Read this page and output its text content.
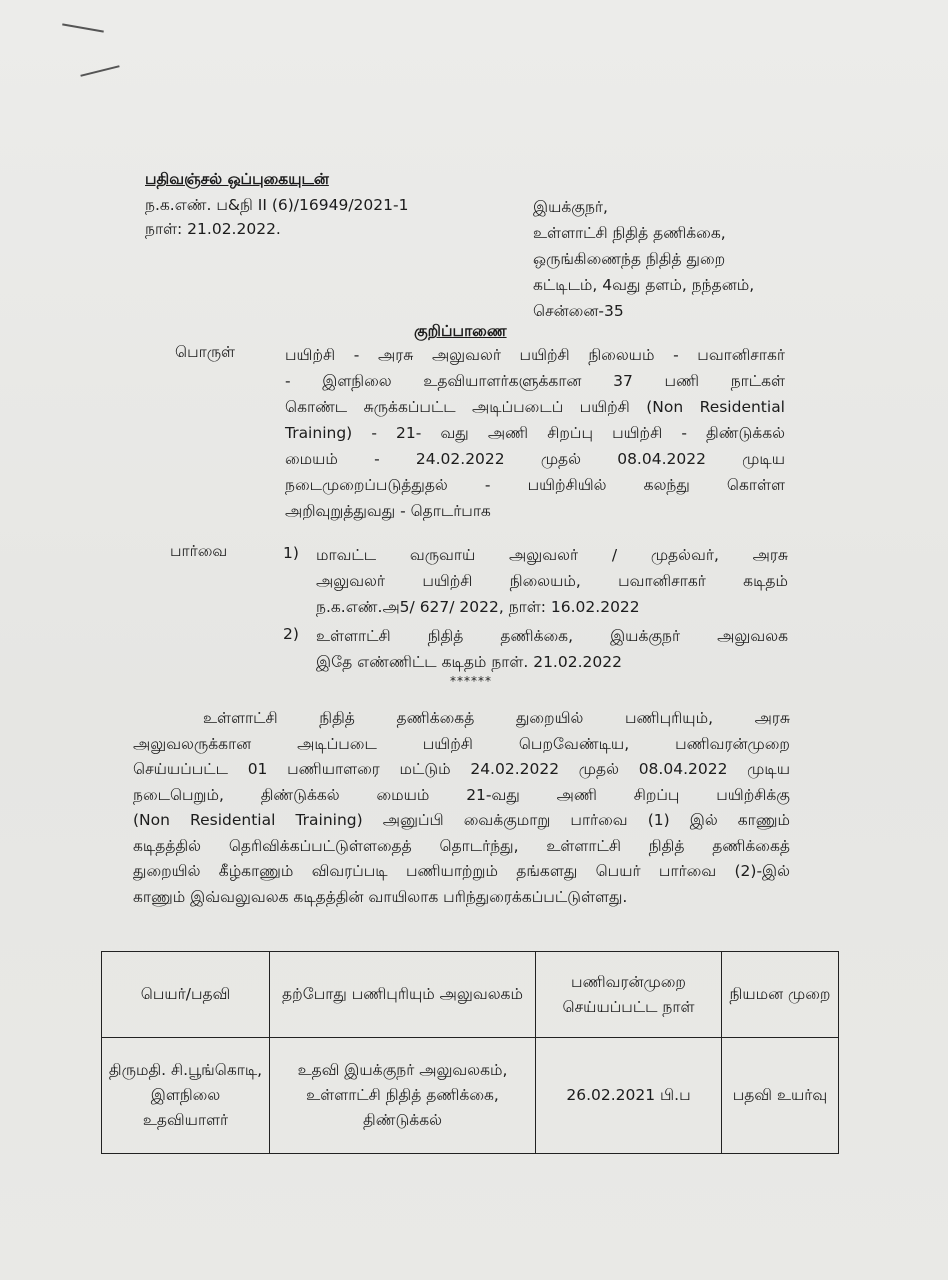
பதிவஞ்சல் ஒப்புகையுடன்
ந.க.எண். ப&நி II (6)/16949/2021-1
நாள்: 21.02.2022.
இயக்குநர்,
உள்ளாட்சி நிதித் தணிக்கை,
ஒருங்கிணைந்த நிதித் துறை
கட்டிடம், 4வது தளம், நந்தனம்,
சென்னை-35
குறிப்பாணை
பொருள்	பயிற்சி - அரசு அலுவலர் பயிற்சி நிலையம் - பவானிசாகர்
- இளநிலை உதவியாளர்களுக்கான 37 பணி நாட்கள்
கொண்ட சுருக்கப்பட்ட அடிப்படைப் பயிற்சி (Non Residential
Training) - 21- வது அணி சிறப்பு பயிற்சி - திண்டுக்கல்
மையம் - 24.02.2022 முதல் 08.04.2022 முடிய
நடைமுறைப்படுத்துதல் - பயிற்சியில் கலந்து கொள்ள
அறிவுறுத்துவது - தொடர்பாக
பார்வை	1) மாவட்ட வருவாய் அலுவலர் / முதல்வர், அரசு
அலுவலர் பயிற்சி நிலையம், பவானிசாகர் கடிதம்
ந.க.எண்.அ5/ 627/ 2022, நாள்: 16.02.2022
2) உள்ளாட்சி நிதித் தணிக்கை, இயக்குநர் அலுவலக
இதே எண்ணிட்ட கடிதம் நாள். 21.02.2022
******
உள்ளாட்சி நிதித் தணிக்கைத் துறையில் பணிபுரியும், அரசு
அலுவலருக்கான அடிப்படை பயிற்சி பெறவேண்டிய, பணிவரன்முறை
செய்யப்பட்ட 01 பணியாளரை மட்டும் 24.02.2022 முதல் 08.04.2022 முடிய
நடைபெறும், திண்டுக்கல் மையம் 21-வது அணி சிறப்பு பயிற்சிக்கு
(Non Residential Training) அனுப்பி வைக்குமாறு பார்வை (1) இல் காணும்
கடிதத்தில் தெரிவிக்கப்பட்டுள்ளதைத் தொடர்ந்து, உள்ளாட்சி நிதித் தணிக்கைத்
துறையில் கீழ்காணும் விவரப்படி பணியாற்றும் தங்களது பெயர் பார்வை (2)-இல்
காணும் இவ்வலுவலக கடிதத்தின் வாயிலாக பரிந்துரைக்கப்பட்டுள்ளது.
பெயர்/பதவி	தற்போது பணிபுரியும் அலுவலகம்	பணிவரன்முறை செய்யப்பட்ட நாள்	நியமன முறை
திருமதி. சி.பூங்கொடி, இளநிலை உதவியாளர்	உதவி இயக்குநர் அலுவலகம், உள்ளாட்சி நிதித் தணிக்கை, திண்டுக்கல்	26.02.2021 பி.ப	பதவி உயர்வு
